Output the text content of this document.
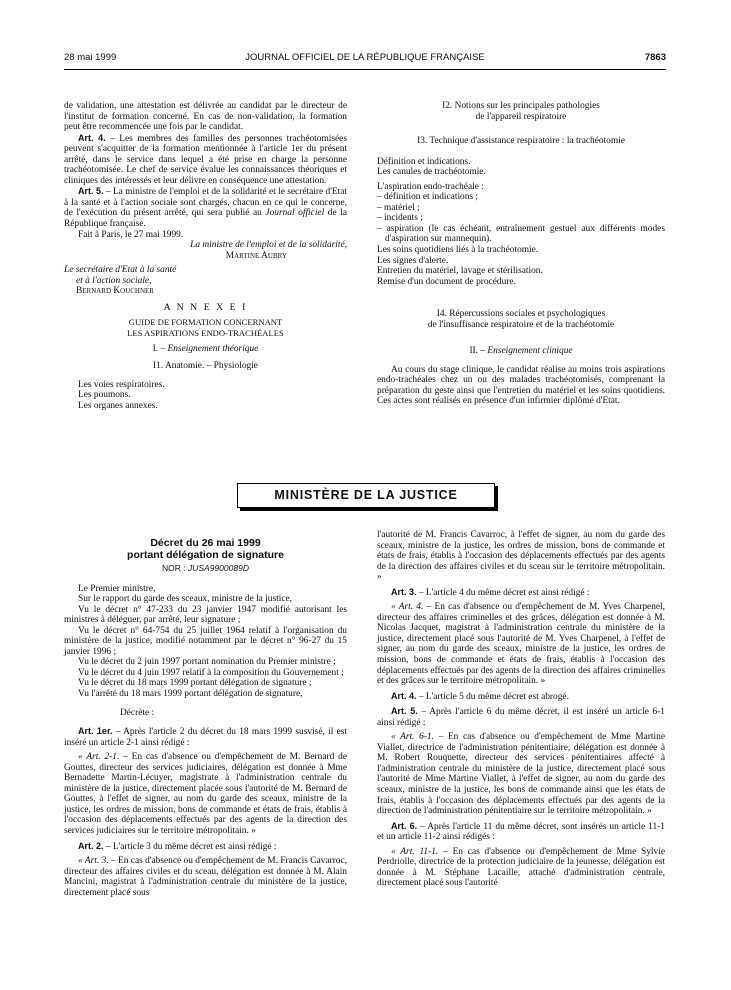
28 mai 1999	JOURNAL OFFICIEL DE LA RÉPUBLIQUE FRANÇAISE	7863

de validation, une attestation est délivrée au candidat par le directeur de l'institut de formation concerné. En cas de non-validation, la formation peut être recommencée une fois par le candidat.

Art. 4. – Les membres des familles des personnes trachéotomisées peuvent s'acquitter de la formation mentionnée à l'article 1er du présent arrêté, dans le service dans lequel a été prise en charge la personne trachéotomisée. Le chef de service évalue les connaissances théoriques et cliniques des intéressés et leur délivre en conséquence une attestation.

Art. 5. – La ministre de l'emploi et de la solidarité et le secrétaire d'Etat à la santé et à l'action sociale sont chargés, chacun en ce qui le concerne, de l'exécution du présent arrêté, qui sera publié au Journal officiel de la République française.

Fait à Paris, le 27 mai 1999.

La ministre de l'emploi et de la solidarité,

Martine Aubry

Le secrétaire d'Etat à la santé

et à l'action sociale,

Bernard Kouchner

A N N E X E I

GUIDE DE FORMATION CONCERNANT

LES ASPIRATIONS ENDO-TRACHÉALES

I. – Enseignement théorique

I1. Anatomie. – Physiologie

Les voies respiratoires.

Les poumons.

Les organes annexes.

I2. Notions sur les principales pathologies

de l'appareil respiratoire

I3. Technique d'assistance respiratoire : la trachéotomie

Définition et indications.

Les canules de trachéotomie.

L'aspiration endo-trachéale :

– définition et indications ;

– matériel ;

– incidents ;

– aspiration (le cas échéant, entraînement gestuel aux différents modes d'aspiration sur mannequin).

Les soins quotidiens liés à la trachéotomie.

Les signes d'alerte.

Entretien du matériel, lavage et stérilisation.

Remise d'un document de procédure.

I4. Répercussions sociales et psychologiques

de l'insuffisance respiratoire et de la trachéotomie

II. – Enseignement clinique

Au cours du stage clinique, le candidat réalise au moins trois aspirations endo-trachéales chez un ou des malades trachéotomisés, comprenant la préparation du geste ainsi que l'entretien du matériel et les soins quotidiens. Ces actes sont réalisés en présence d'un infirmier diplômé d'Etat.

MINISTÈRE DE LA JUSTICE

Décret du 26 mai 1999

portant délégation de signature

NOR : JUSA9900089D

Le Premier ministre,

Sur le rapport du garde des sceaux, ministre de la justice,

Vu le décret n° 47-233 du 23 janvier 1947 modifié autorisant les ministres à déléguer, par arrêté, leur signature ;

Vu le décret n° 64-754 du 25 juillet 1964 relatif à l'organisation du ministère de la justice, modifié notamment par le décret n° 96-27 du 15 janvier 1996 ;

Vu le décret du 2 juin 1997 portant nomination du Premier ministre ;

Vu le décret du 4 juin 1997 relatif à la composition du Gouvernement ;

Vu le décret du 18 mars 1999 portant délégation de signature ;

Vu l'arrêté du 18 mars 1999 portant délégation de signature,

Décrète :

Art. 1er. – Après l'article 2 du décret du 18 mars 1999 susvisé, il est inséré un article 2-1 ainsi rédigé :

« Art. 2-1. – En cas d'absence ou d'empêchement de M. Bernard de Gouttes, directeur des services judiciaires, délégation est donnée à Mme Bernadette Martin-Lécuyer, magistrate à l'administration centrale du ministère de la justice, directement placée sous l'autorité de M. Bernard de Gouttes, à l'effet de signer, au nom du garde des sceaux, ministre de la justice, les ordres de mission, bons de commande et états de frais, établis à l'occasion des déplacements effectués par des agents de la direction des services judiciaires sur le territoire métropolitain. »

Art. 2. – L'article 3 du même décret est ainsi rédigé :

« Art. 3. – En cas d'absence ou d'empêchement de M. Francis Cavarroc, directeur des affaires civiles et du sceau, délégation est donnée à M. Alain Mancini, magistrat à l'administration centrale du ministère de la justice, directement placé sous

l'autorité de M. Francis Cavarroc, à l'effet de signer, au nom du garde des sceaux, ministre de la justice, les ordres de mission, bons de commande et états de frais, établis à l'occasion des déplacements effectués par des agents de la direction des affaires civiles et du sceau sur le territoire métropolitain. »

Art. 3. – L'article 4 du même décret est ainsi rédigé :

« Art. 4. – En cas d'absence ou d'empêchement de M. Yves Charpenel, directeur des affaires criminelles et des grâces, délégation est donnée à M. Nicolas Jacquet, magistrat à l'administration centrale du ministère de la justice, directement placé sous l'autorité de M. Yves Charpenel, à l'effet de signer, au nom du garde des sceaux, ministre de la justice, les ordres de mission, bons de commande et états de frais, établis à l'occasion des déplacements effectués par des agents de la direction des affaires criminelles et des grâces sur le territoire métropolitain. »

Art. 4. – L'article 5 du même décret est abrogé.

Art. 5. – Après l'article 6 du même décret, il est inséré un article 6-1 ainsi rédigé :

« Art. 6-1. – En cas d'absence ou d'empêchement de Mme Martine Viallet, directrice de l'administration pénitentiaire, délégation est donnée à M. Robert Rouquette, directeur des services pénitentiaires affecté à l'administration centrale du ministère de la justice, directement placé sous l'autorité de Mme Martine Viallet, à l'effet de signer, au nom du garde des sceaux, ministre de la justice, les bons de commande ainsi que les états de frais, établis à l'occasion des déplacements effectués par des agents de la direction de l'administration pénitentiaire sur le territoire métropolitain. »

Art. 6. – Après l'article 11 du même décret, sont insérés un article 11-1 et un article 11-2 ainsi rédigés :

« Art. 11-1. – En cas d'absence ou d'empêchement de Mme Sylvie Perdriolle, directrice de la protection judiciaire de la jeunesse, délégation est donnée à M. Stéphane Lacaille, attaché d'administration centrale, directement placé sous l'autorité
